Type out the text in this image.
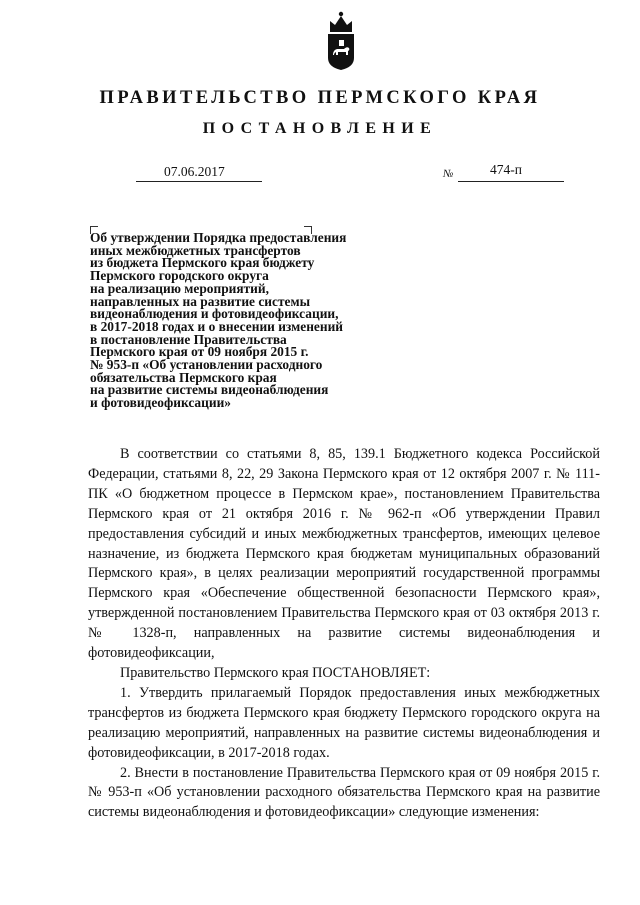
ПРАВИТЕЛЬСТВО ПЕРМСКОГО КРАЯ
ПОСТАНОВЛЕНИЕ
07.06.2017	№	474-п
Об утверждении Порядка предоставления
иных межбюджетных трансфертов
из бюджета Пермского края бюджету
Пермского городского округа
на реализацию мероприятий,
направленных на развитие системы
видеонаблюдения и фотовидеофиксации,
в 2017-2018 годах и о внесении изменений
в постановление Правительства
Пермского края от 09 ноября 2015 г.
№ 953-п «Об установлении расходного
обязательства Пермского края
на развитие системы видеонаблюдения
и фотовидеофиксации»

В соответствии со статьями 8, 85, 139.1 Бюджетного кодекса Российской Федерации, статьями 8, 22, 29 Закона Пермского края от 12 октября 2007 г. № 111-ПК «О бюджетном процессе в Пермском крае», постановлением Правительства Пермского края от 21 октября 2016 г. № 962-п «Об утверждении Правил предоставления субсидий и иных межбюджетных трансфертов, имеющих целевое назначение, из бюджета Пермского края бюджетам муниципальных образований Пермского края», в целях реализации мероприятий государственной программы Пермского края «Обеспечение общественной безопасности Пермского края», утвержденной постановлением Правительства Пермского края от 03 октября 2013 г. № 1328-п, направленных на развитие системы видеонаблюдения и фотовидеофиксации,

Правительство Пермского края ПОСТАНОВЛЯЕТ:

1. Утвердить прилагаемый Порядок предоставления иных межбюджетных трансфертов из бюджета Пермского края бюджету Пермского городского округа на реализацию мероприятий, направленных на развитие системы видеонаблюдения и фотовидеофиксации, в 2017-2018 годах.

2. Внести в постановление Правительства Пермского края от 09 ноября 2015 г. № 953-п «Об установлении расходного обязательства Пермского края на развитие системы видеонаблюдения и фотовидеофиксации» следующие изменения:
